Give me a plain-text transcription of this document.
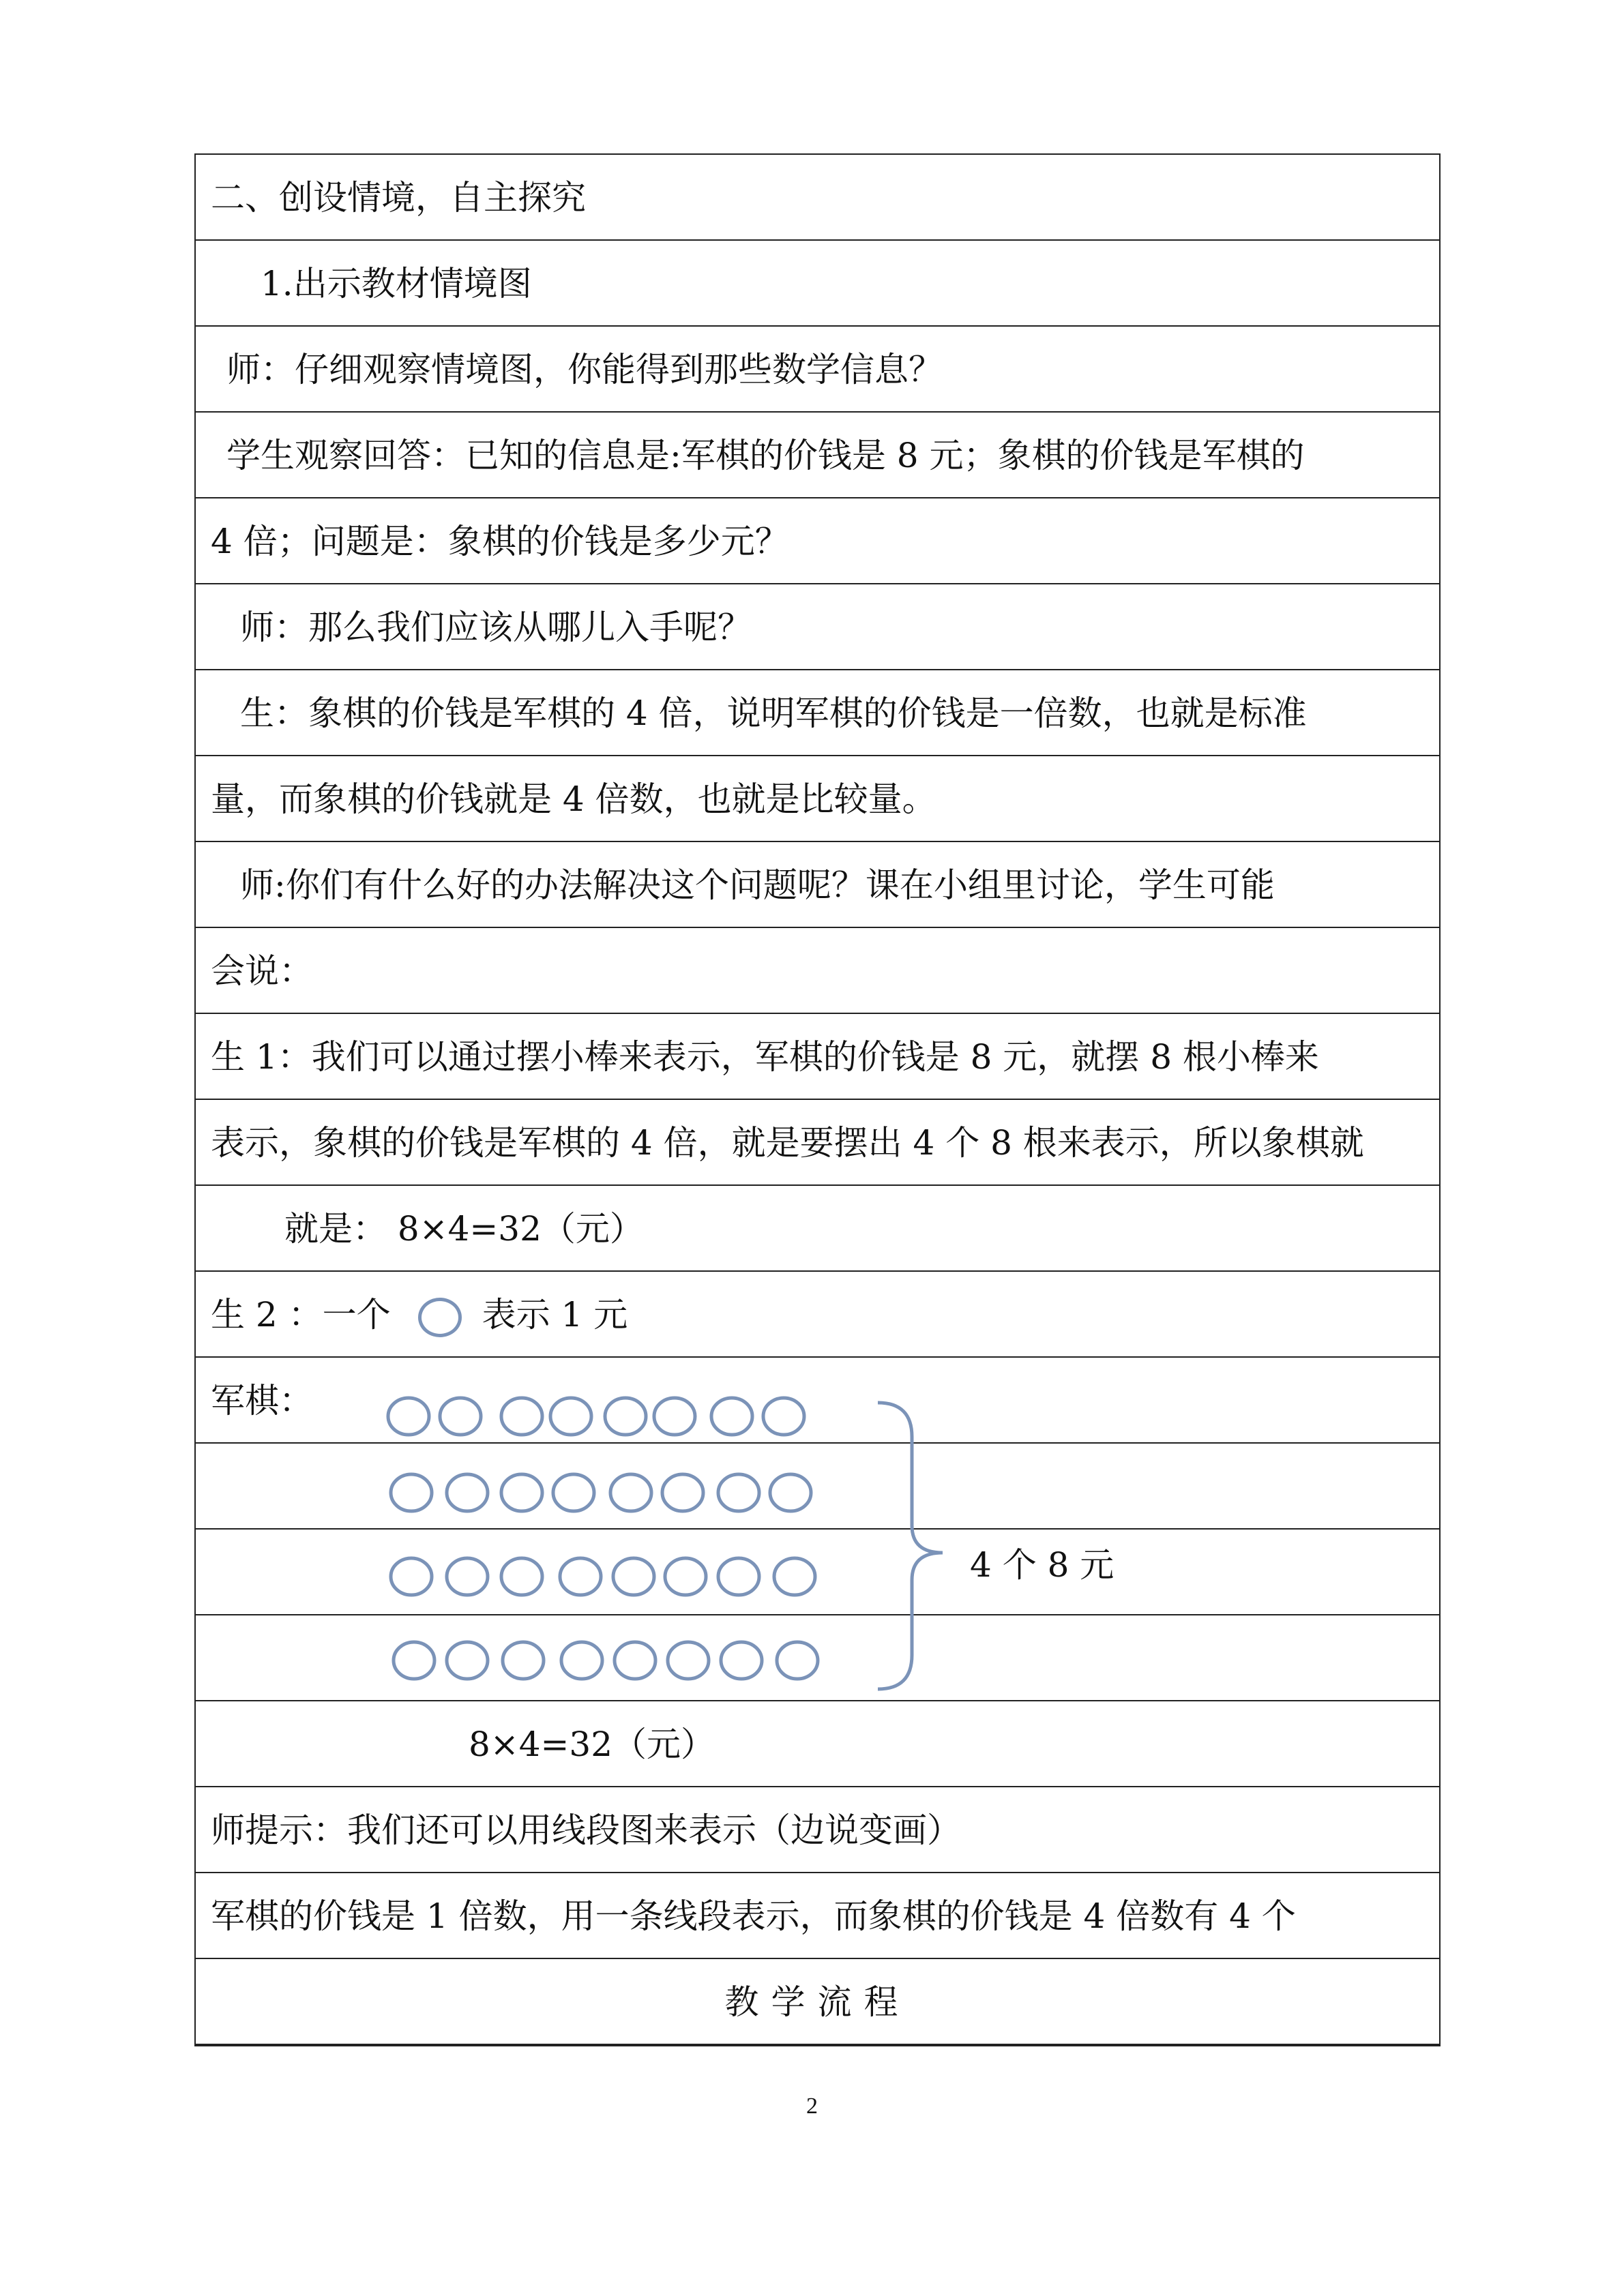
二、创设情境，自主探究
1.出示教材情境图
师：仔细观察情境图，你能得到那些数学信息？
学生观察回答：已知的信息是:军棋的价钱是 8 元；象棋的价钱是军棋的
4 倍；问题是：象棋的价钱是多少元？
师：那么我们应该从哪儿入手呢？
生：象棋的价钱是军棋的 4 倍，说明军棋的价钱是一倍数，也就是标准
量，而象棋的价钱就是 4 倍数，也就是比较量。
师:你们有什么好的办法解决这个问题呢？课在小组里讨论，学生可能
会说：
生 1：我们可以通过摆小棒来表示，军棋的价钱是 8 元，就摆 8 根小棒来
表示，象棋的价钱是军棋的 4 倍，就是要摆出 4 个 8 根来表示，所以象棋就
就是： 8×4=32（元）
生 2 ：一个	表示 1 元
军棋：
8×4=32（元）
师提示：我们还可以用线段图来表示（边说变画）
军棋的价钱是 1 倍数，用一条线段表示，而象棋的价钱是 4 倍数有 4 个
教学流程
4 个 8 元
2
